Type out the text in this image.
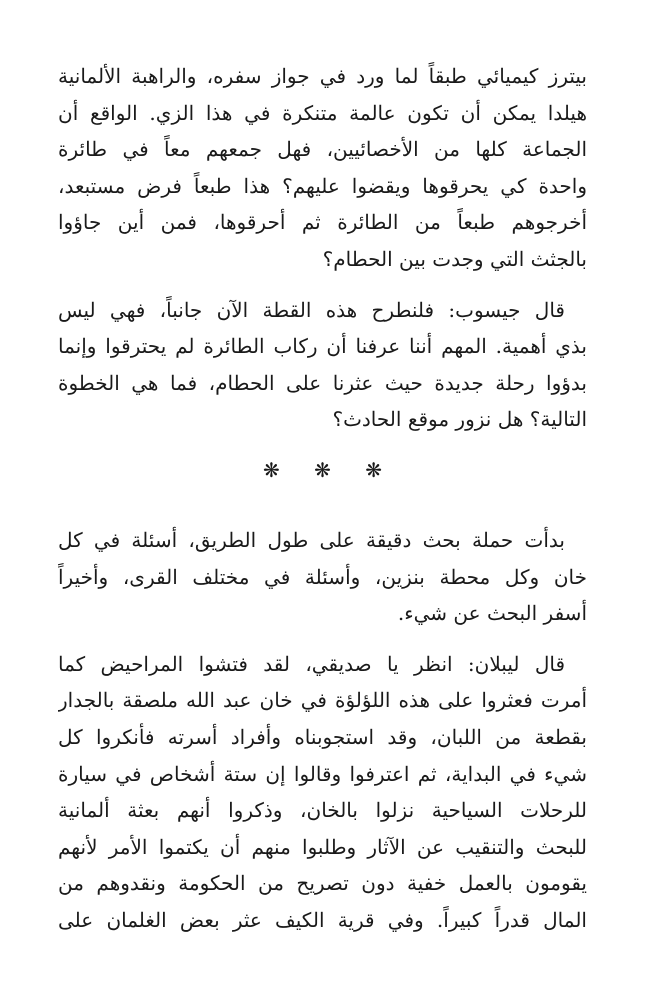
بيترز كيميائي طبقاً لما ورد في جواز سفره، والراهبة الألمانية
هيلدا يمكن أن تكون عالمة متنكرة في هذا الزي. الواقع أن
الجماعة كلها من الأخصائيين، فهل جمعهم معاً في طائرة
واحدة كي يحرقوها ويقضوا عليهم؟ هذا طبعاً فرض مستبعد،
أخرجوهم طبعاً من الطائرة ثم أحرقوها، فمن أين جاؤوا
بالجثث التي وجدت بين الحطام؟
قال جيسوب: فلنطرح هذه القطة الآن جانباً، فهي ليس
بذي أهمية. المهم أننا عرفنا أن ركاب الطائرة لم يحترقوا وإنما
بدؤوا رحلة جديدة حيث عثرنا على الحطام، فما هي الخطوة
التالية؟ هل نزور موقع الحادث؟
❋ ❋ ❋
بدأت حملة بحث دقيقة على طول الطريق، أسئلة في كل
خان وكل محطة بنزين، وأسئلة في مختلف القرى، وأخيراً
أسفر البحث عن شيء.
قال ليبلان: انظر يا صديقي، لقد فتشوا المراحيض كما
أمرت فعثروا على هذه اللؤلؤة في خان عبد الله ملصقة بالجدار
بقطعة من اللبان، وقد استجوبناه وأفراد أسرته فأنكروا كل
شيء في البداية، ثم اعترفوا وقالوا إن ستة أشخاص في سيارة
للرحلات السياحية نزلوا بالخان، وذكروا أنهم بعثة ألمانية
للبحث والتنقيب عن الآثار وطلبوا منهم أن يكتموا الأمر لأنهم
يقومون بالعمل خفية دون تصريح من الحكومة ونقدوهم من
المال قدراً كبيراً. وفي قرية الكيف عثر بعض الغلمان على
